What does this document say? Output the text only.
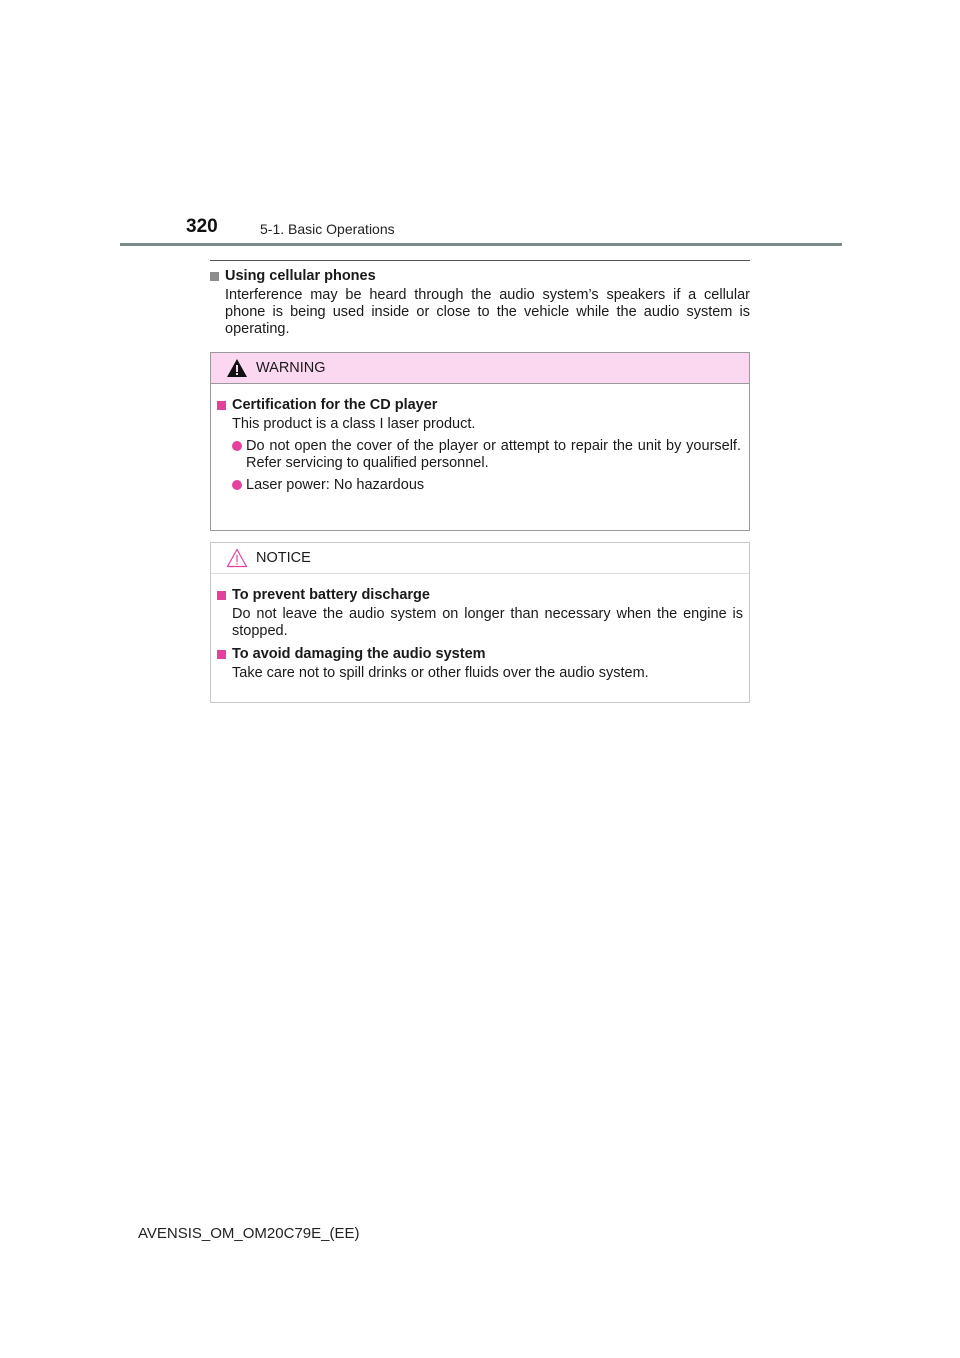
320	5-1. Basic Operations
Using cellular phones
Interference may be heard through the audio system’s speakers if a cellular phone is being used inside or close to the vehicle while the audio system is operating.
WARNING
Certification for the CD player
This product is a class I laser product.
Do not open the cover of the player or attempt to repair the unit by yourself. Refer servicing to qualified personnel.
Laser power: No hazardous
NOTICE
To prevent battery discharge
Do not leave the audio system on longer than necessary when the engine is stopped.
To avoid damaging the audio system
Take care not to spill drinks or other fluids over the audio system.
AVENSIS_OM_OM20C79E_(EE)
